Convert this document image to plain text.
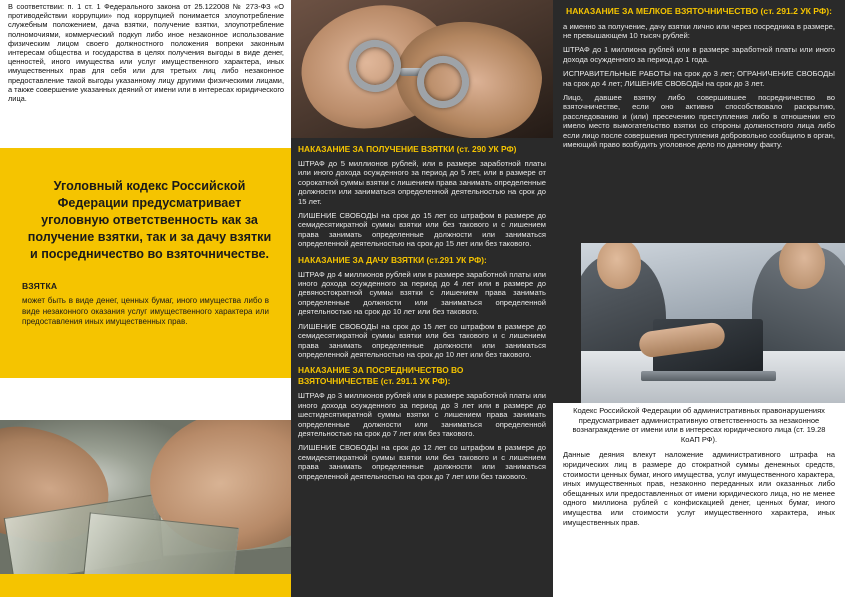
В соответствии: п. 1 ст. 1 Федерального закона от 25.122008 № 273-ФЗ «О противодействии коррупции» под коррупцией понимается злоупотребление служебным положением, дача взятки, получение взятки, злоупотребление полномочиями, коммерческий подкуп либо иное незаконное использование физическим лицом своего должностного положения вопреки законным интересам общества и государства в целях получения выгоды в виде денег, ценностей, иного имущества или услуг имущественного характера, иных имущественных прав для себя или для третьих лиц либо незаконное предоставление такой выгоды указанному лицу другими физическими лицами, а также совершение указанных деяний от имени или в интересах юридического лица.
Уголовный кодекс Российской Федерации предусматривает уголовную ответственность как за получение взятки, так и за дачу взятки и посредничество во взяточничестве.
ВЗЯТКА
может быть в виде денег, ценных бумаг, иного имущества либо в виде незаконного оказания услуг имущественного характера или предоставления иных имущественных прав.
НАКАЗАНИЕ ЗА ПОЛУЧЕНИЕ ВЗЯТКИ (ст. 290 УК РФ)
ШТРАФ до 5 миллионов рублей, или в размере заработной платы или иного дохода осужденного за период до 5 лет, или в размере от сорокатной суммы взятки с лишением права занимать определенные должности или заниматься определенной деятельностью на срок до 15 лет.
ЛИШЕНИЕ СВОБОДЫ на срок до 15 лет со штрафом в размере до семидесятикратной суммы взятки или без такового и с лишением права занимать определенные должности или заниматься определенной деятельностью на срок до 15 лет или без такового.
НАКАЗАНИЕ ЗА ДАЧУ ВЗЯТКИ (ст.291 УК РФ):
ШТРАФ до 4 миллионов рублей или в размере заработной платы или иного дохода осужденного за период до 4 лет или в размере до девяностократной суммы взятки с лишением права занимать определенные должности или заниматься определенной деятельностью на срок до 10 лет или без такового.
ЛИШЕНИЕ СВОБОДЫ на срок до 15 лет со штрафом в размере до семидесятикратной суммы взятки или без такового и с лишением права занимать определенные должности или заниматься определенной деятельностью на срок до 10 лет или без такового.
НАКАЗАНИЕ ЗА ПОСРЕДНИЧЕСТВО ВО ВЗЯТОЧНИЧЕСТВЕ (ст. 291.1 УК РФ):
ШТРАФ до 3 миллионов рублей или в размере заработной платы или иного дохода осужденного за период до 3 лет или в размере до шестидесятикратной суммы взятки с лишением права занимать определенные должности или заниматься определенной деятельностью на срок до 7 лет или без такового.
ЛИШЕНИЕ СВОБОДЫ на срок до 12 лет со штрафом в размере до семидесятикратной суммы взятки или без такового и с лишением права занимать определенные должности или заниматься определенной деятельностью на срок до 7 лет или без такового.
НАКАЗАНИЕ ЗА МЕЛКОЕ ВЗЯТОЧНИЧЕСТВО (ст. 291.2 УК РФ):
а именно за получение, дачу взятки лично или через посредника в размере, не превышающем 10 тысяч рублей:
ШТРАФ до 1 миллиона рублей или в размере заработной платы или иного дохода осужденного за период до 1 года.
ИСПРАВИТЕЛЬНЫЕ РАБОТЫ на срок до 3 лет; ОГРАНИЧЕНИЕ СВОБОДЫ на срок до 4 лет; ЛИШЕНИЕ СВОБОДЫ на срок до 3 лет.
Лицо, давшее взятку либо совершившее посредничество во взяточничестве, если оно активно способствовало раскрытию, расследованию и (или) пресечению преступления либо в отношении его имело место вымогательство взятки со стороны должностного лица либо если лицо после совершения преступления добровольно сообщило в орган, имеющий право возбудить уголовное дело по данному факту.
Кодекс Российской Федерации об административных правонарушениях предусматривает административную ответственность за незаконное вознаграждение от имени или в интересах юридического лица (ст. 19.28 КоАП РФ).
Данные деяния влекут наложение административного штрафа на юридических лиц в размере до стократной суммы денежных средств, стоимости ценных бумаг, иного имущества, услуг имущественного характера, иных имущественных прав, незаконно переданных или оказанных либо обещанных или предоставленных от имени юридического лица, но не менее одного миллиона рублей с конфискацией денег, ценных бумаг, иного имущества или стоимости услуг имущественного характера, иных имущественных прав.
